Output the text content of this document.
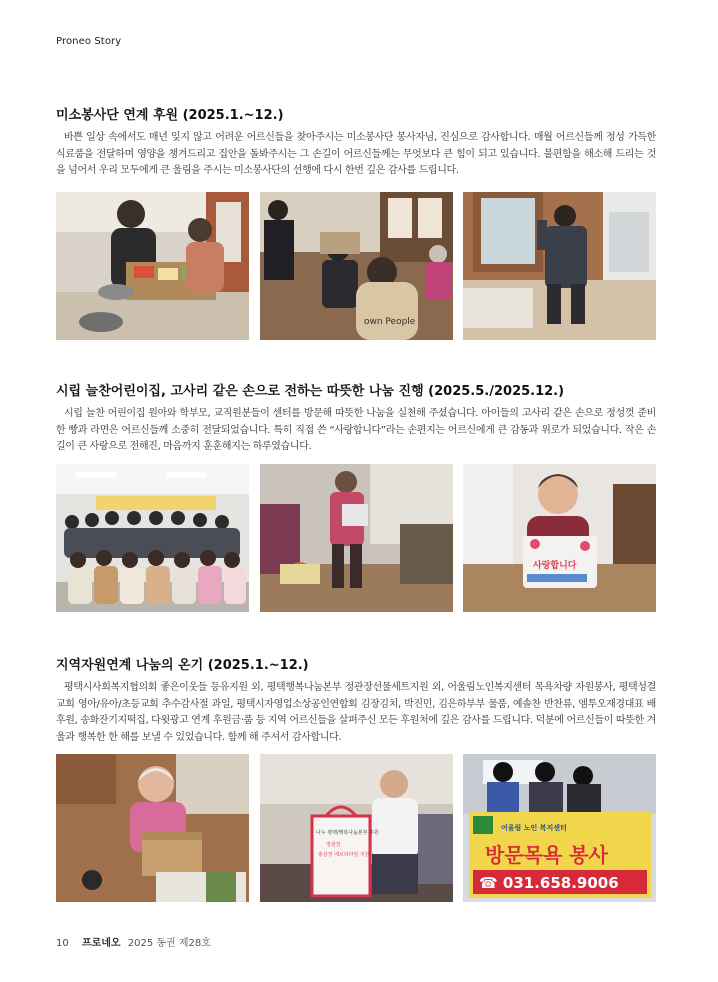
Proneo Story
미소봉사단 연계 후원 (2025.1.~12.)

바쁜 일상 속에서도 매년 잊지 않고 어려운 어르신들을 찾아주시는 미소봉사단 봉사자님, 진심으로 감사합니다. 매월 어르신들께 정성 가득한 식료품을 전달하며 영양을 챙겨드리고 집안을 돌봐주시는 그 손길이 어르신들께는 무엇보다 큰 힘이 되고 있습니다. 불편함을 해소해 드리는 것을 넘어서 우리 모두에게 큰 울림을 주시는 미소봉사단의 선행에 다시 한번 깊은 감사를 드립니다.

own People
시립 늘찬어린이집, 고사리 같은 손으로 전하는 따뜻한 나눔 진행 (2025.5./2025.12.)

시립 늘찬 어린이집 원아와 학부모, 교직원분들이 센터를 방문해 따뜻한 나눔을 실천해 주셨습니다. 아이들의 고사리 같은 손으로 정성껏 준비한 빵과 라면은 어르신들께 소중히 전달되었습니다. 특히 직접 쓴 “사랑합니다”라는 손편지는 어르신에게 큰 감동과 위로가 되었습니다. 작은 손길이 큰 사랑으로 전해진, 마음까지 훈훈해지는 하루였습니다.

사랑합니다
지역자원연계 나눔의 온기 (2025.1.~12.)

평택시사회복지협의회 좋은이웃들 등유지원 외, 평택행복나눔본부 정관장선물세트지원 외, 어울림노인복지센터 목욕차량 자원봉사, 평택성결교회 영아/유아/초등교회 추수감사절 과일, 평택시자영업소상공인연합회 김장김치, 박진민, 김은하부부 물품, 예솔찬 반찬류, 엠투오재경대표 배 후원, 송화잔기지떡집, 다윗광고 연계 후원금·품 등 지역 어르신들을 살펴주신 모든 후원처에 깊은 감사를 드립니다. 덕분에 어르신들이 따뜻한 겨울과 행복한 한 해를 보낼 수 있었습니다. 함께 해 주셔서 감사합니다.

나누 평택/행복나눔본부 후원 정관장 홍삼정 에브리타임 지원
어울림 노인 복지센터
방문목욕 봉사
☎ 031.658.9006
10 프로네오 2025 동권 제28호
